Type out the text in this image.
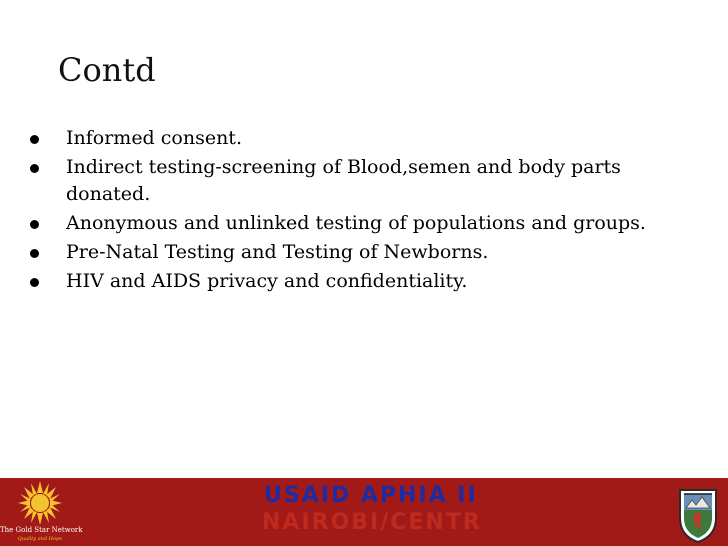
Contd
Informed consent.
Indirect testing-screening of Blood,semen and body parts donated.
Anonymous and unlinked testing of populations and groups.
Pre-Natal Testing and Testing of Newborns.
HIV and AIDS privacy and confidentiality.
The Gold Star Network
Quality and Hope
USAID APHIA II
NAIROBI/CENTR
